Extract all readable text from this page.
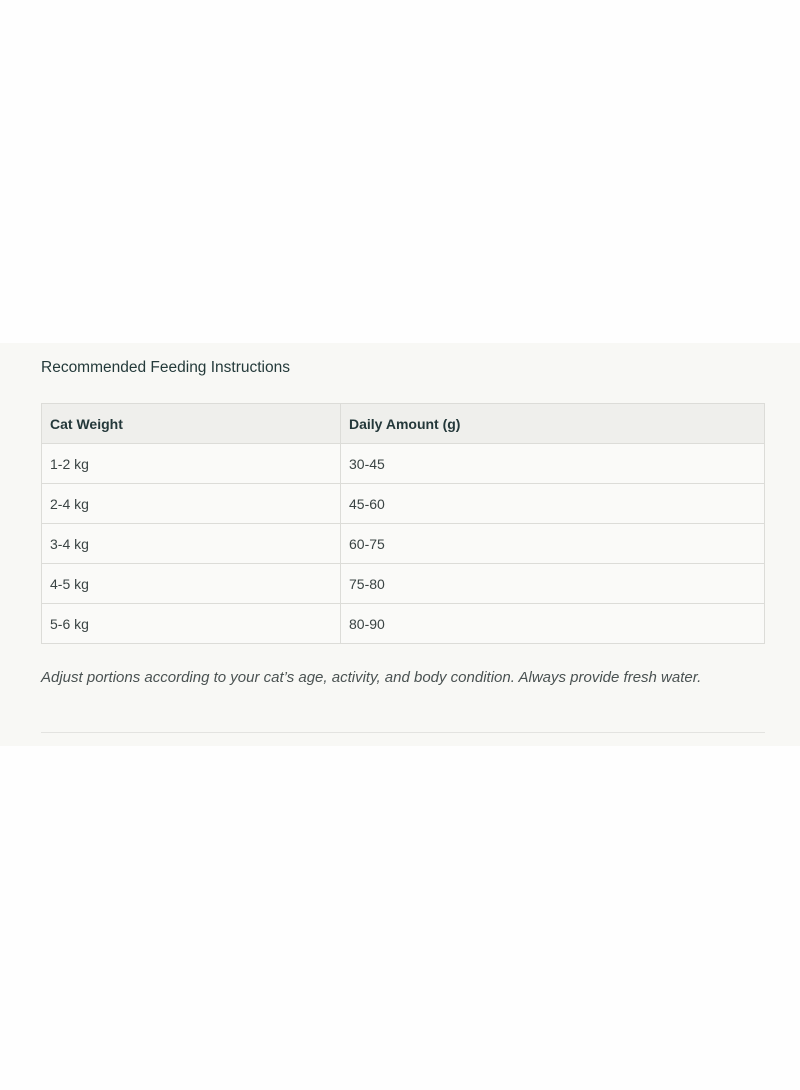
Recommended Feeding Instructions
Cat Weight	Daily Amount (g)
1-2 kg	30-45
2-4 kg	45-60
3-4 kg	60-75
4-5 kg	75-80
5-6 kg	80-90

Adjust portions according to your cat’s age, activity, and body condition. Always provide fresh water.
